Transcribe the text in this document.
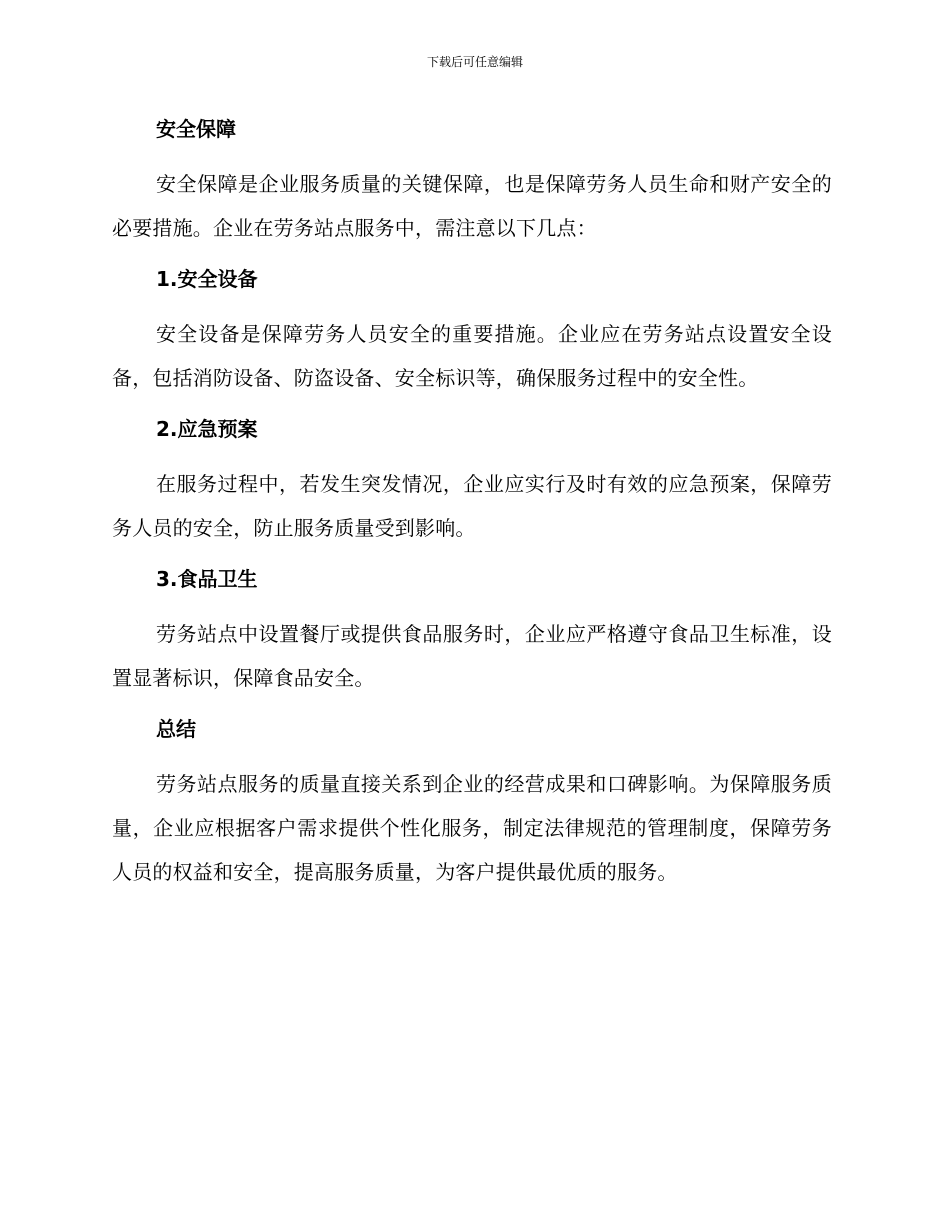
下载后可任意编辑
安全保障

安全保障是企业服务质量的关键保障，也是保障劳务人员生命和财产安全的必要措施。企业在劳务站点服务中，需注意以下几点：

1.安全设备

安全设备是保障劳务人员安全的重要措施。企业应在劳务站点设置安全设备，包括消防设备、防盗设备、安全标识等，确保服务过程中的安全性。

2.应急预案

在服务过程中，若发生突发情况，企业应实行及时有效的应急预案，保障劳务人员的安全，防止服务质量受到影响。

3.食品卫生

劳务站点中设置餐厅或提供食品服务时，企业应严格遵守食品卫生标准，设置显著标识，保障食品安全。

总结

劳务站点服务的质量直接关系到企业的经营成果和口碑影响。为保障服务质量，企业应根据客户需求提供个性化服务，制定法律规范的管理制度，保障劳务人员的权益和安全，提高服务质量，为客户提供最优质的服务。
